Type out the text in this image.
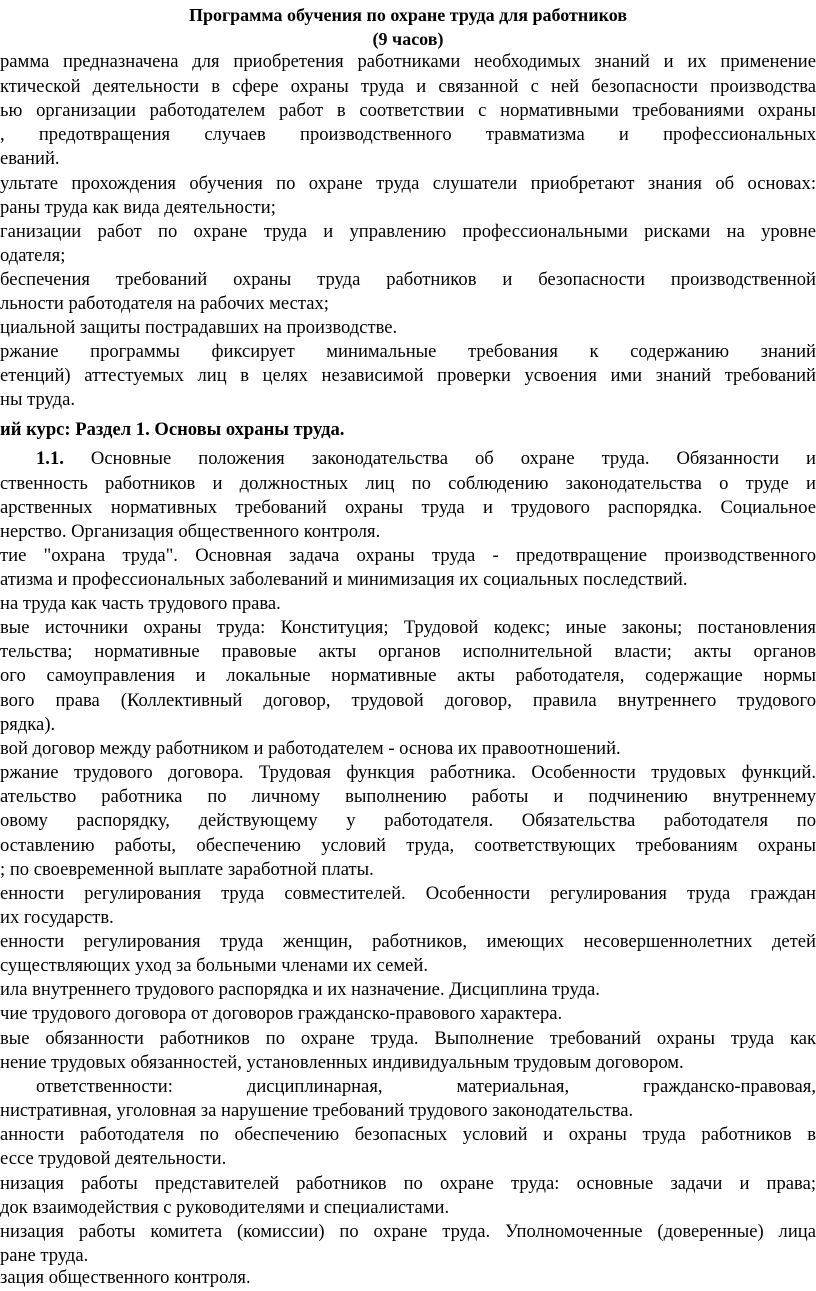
Программа обучения по охране труда для работников
(9 часов)
рамма предназначена для приобретения работниками необходимых знаний и их применение
ктической деятельности в сфере охраны труда и связанной с ней безопасности производства
ью организации работодателем работ в соответствии с нормативными требованиями охраны
, предотвращения случаев производственного травматизма и профессиональных
еваний.
ультате прохождения обучения по охране труда слушатели приобретают знания об основах:
раны труда как вида деятельности;
ганизации работ по охране труда и управлению профессиональными рисками на уровне
одателя;
беспечения требований охраны труда работников и безопасности производственной
льности работодателя на рабочих местах;
циальной защиты пострадавших на производстве.
ржание программы фиксирует минимальные требования к содержанию знаний
етенций) аттестуемых лиц в целях независимой проверки усвоения ими знаний требований
ны труда.
ий курс: Раздел 1. Основы охраны труда.
1.1. Основные положения законодательства об охране труда. Обязанности и
ственность работников и должностных лиц по соблюдению законодательства о труде и
арственных нормативных требований охраны труда и трудового распорядка. Социальное
нерство. Организация общественного контроля.
тие "охрана труда". Основная задача охраны труда - предотвращение производственного
атизма и профессиональных заболеваний и минимизация их социальных последствий.
на труда как часть трудового права.
вые источники охраны труда: Конституция; Трудовой кодекс; иные законы; постановления
тельства; нормативные правовые акты органов исполнительной власти; акты органов
ого самоуправления и локальные нормативные акты работодателя, содержащие нормы
вого права (Коллективный договор, трудовой договор, правила внутреннего трудового
рядка).
вой договор между работником и работодателем - основа их правоотношений.
ржание трудового договора. Трудовая функция работника. Особенности трудовых функций.
ательство работника по личному выполнению работы и подчинению внутреннему
овому распорядку, действующему у работодателя. Обязательства работодателя по
оставлению работы, обеспечению условий труда, соответствующих требованиям охраны
; по своевременной выплате заработной платы.
енности регулирования труда совместителей. Особенности регулирования труда граждан
их государств.
енности регулирования труда женщин, работников, имеющих несовершеннолетних детей
существляющих уход за больными членами их семей.
ила внутреннего трудового распорядка и их назначение. Дисциплина труда.
чие трудового договора от договоров гражданско-правового характера.
вые обязанности работников по охране труда. Выполнение требований охраны труда как
нение трудовых обязанностей, установленных индивидуальным трудовым договором.
ответственности: дисциплинарная, материальная, гражданско-правовая,
нистративная, уголовная за нарушение требований трудового законодательства.
анности работодателя по обеспечению безопасных условий и охраны труда работников в
ессе трудовой деятельности.
низация работы представителей работников по охране труда: основные задачи и права;
док взаимодействия с руководителями и специалистами.
низация работы комитета (комиссии) по охране труда. Уполномоченные (доверенные) лица
ране труда.
зация общественного контроля.
